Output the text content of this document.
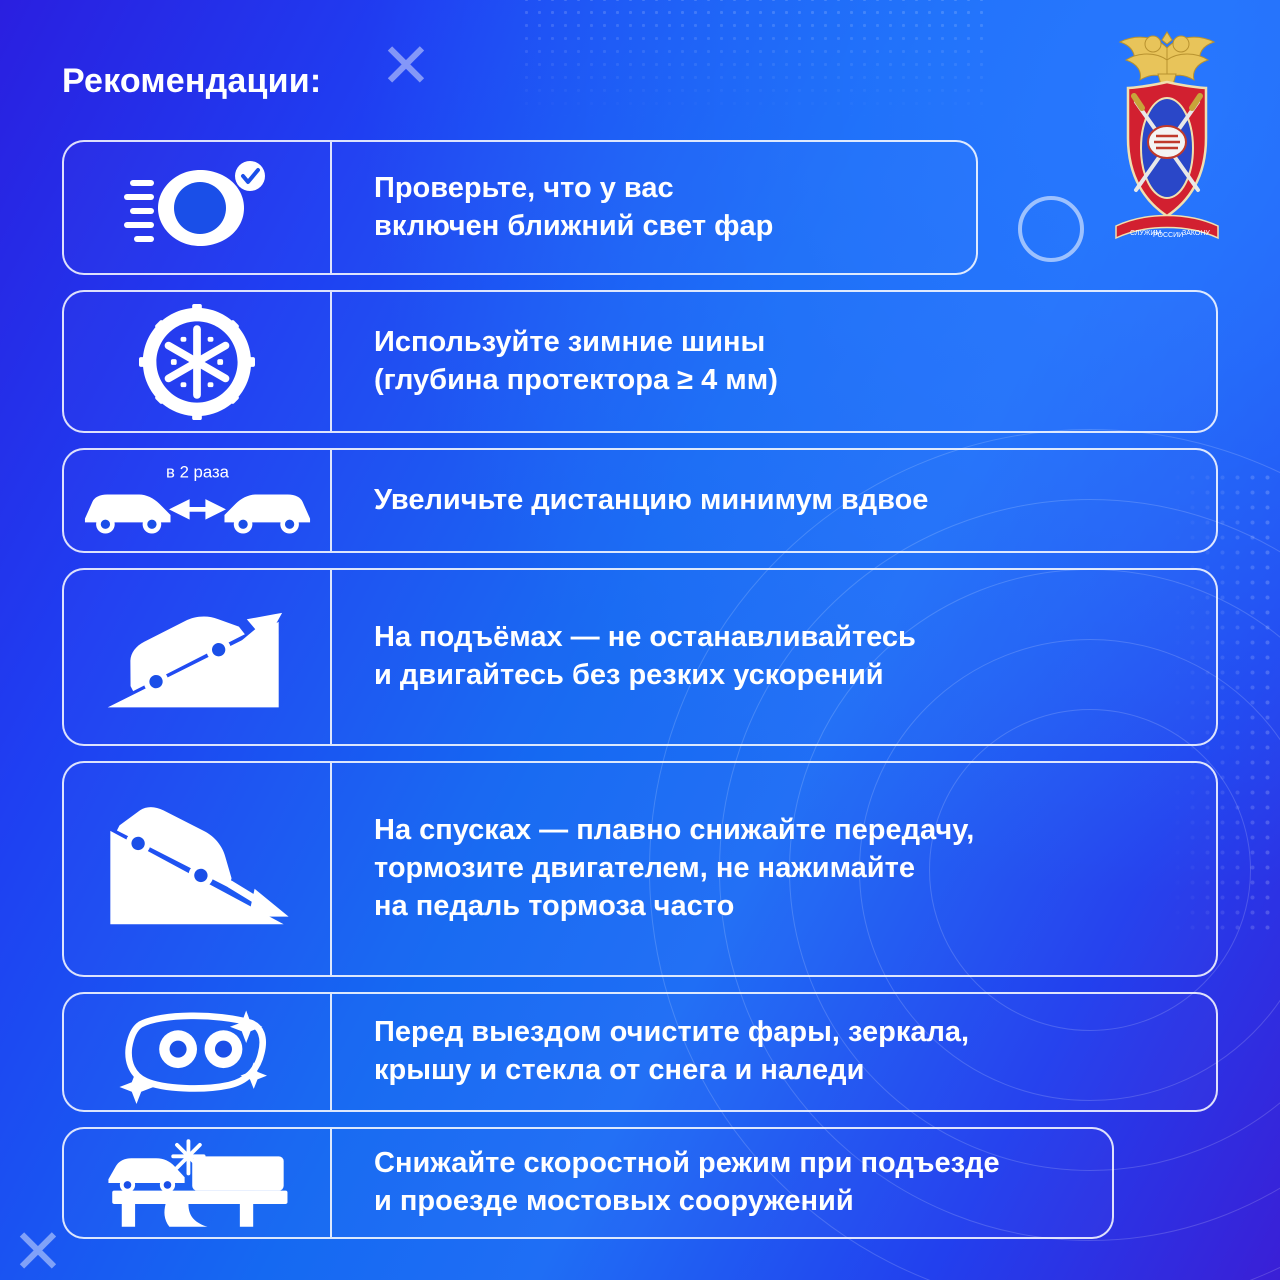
✕
✕
Рекомендации:
СЛУЖИМ
РОССИИ
ЗАКОНУ

Проверьте, что у вас
включен ближний свет фар

Используйте зимние шины
(глубина протектора ≥ 4 мм)

в 2 раза

Увеличьте дистанцию минимум вдвое

На подъёмах — не останавливайтесь
и двигайтесь без резких ускорений

На спусках — плавно снижайте передачу,
тормозите двигателем, не нажимайте
на педаль тормоза часто

Перед выездом очистите фары, зеркала,
крышу и стекла от снега и наледи

Снижайте скоростной режим при подъезде
и проезде мостовых сооружений
